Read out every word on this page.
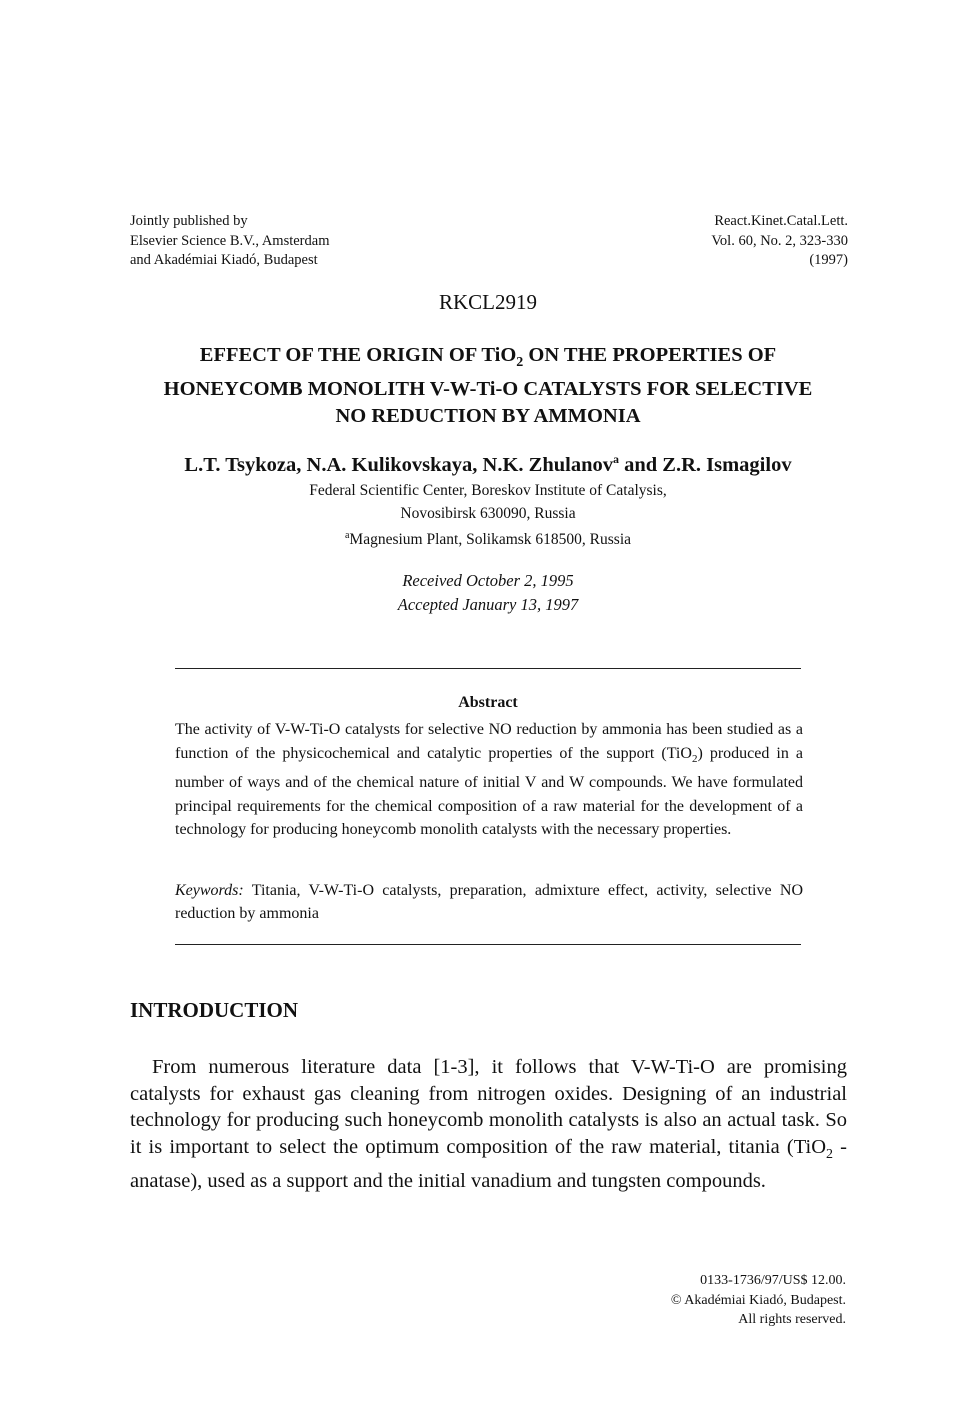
Jointly published by
Elsevier Science B.V., Amsterdam
and Akadémiai Kiadó, Budapest
React.Kinet.Catal.Lett.
Vol. 60, No. 2, 323-330
(1997)
RKCL2919
EFFECT OF THE ORIGIN OF TiO$_2$ ON THE PROPERTIES OF
HONEYCOMB MONOLITH V-W-Ti-O CATALYSTS FOR SELECTIVE
NO REDUCTION BY AMMONIA
L.T. Tsykoza, N.A. Kulikovskaya, N.K. Zhulanov$^a$ and Z.R. Ismagilov
Federal Scientific Center, Boreskov Institute of Catalysis,
Novosibirsk 630090, Russia
$^a$Magnesium Plant, Solikamsk 618500, Russia
Received October 2, 1995
Accepted January 13, 1997
Abstract
The activity of V-W-Ti-O catalysts for selective NO reduction by ammonia has been studied as a function of the physicochemical and catalytic properties of the support (TiO$_2$) produced in a number of ways and of the chemical nature of initial V and W compounds. We have formulated principal requirements for the chemical composition of a raw material for the development of a technology for producing honeycomb monolith catalysts with the necessary properties.
Keywords: Titania, V-W-Ti-O catalysts, preparation, admixture effect, activity, selective NO reduction by ammonia
INTRODUCTION
From numerous literature data [1-3], it follows that V-W-Ti-O are promising catalysts for exhaust gas cleaning from nitrogen oxides. Designing of an industrial technology for producing such honeycomb monolith catalysts is also an actual task. So it is important to select the optimum composition of the raw material, titania (TiO$_2$ - anatase), used as a support and the initial vanadium and tungsten compounds.
0133-1736/97/US$ 12.00.
© Akadémiai Kiadó, Budapest.
All rights reserved.
